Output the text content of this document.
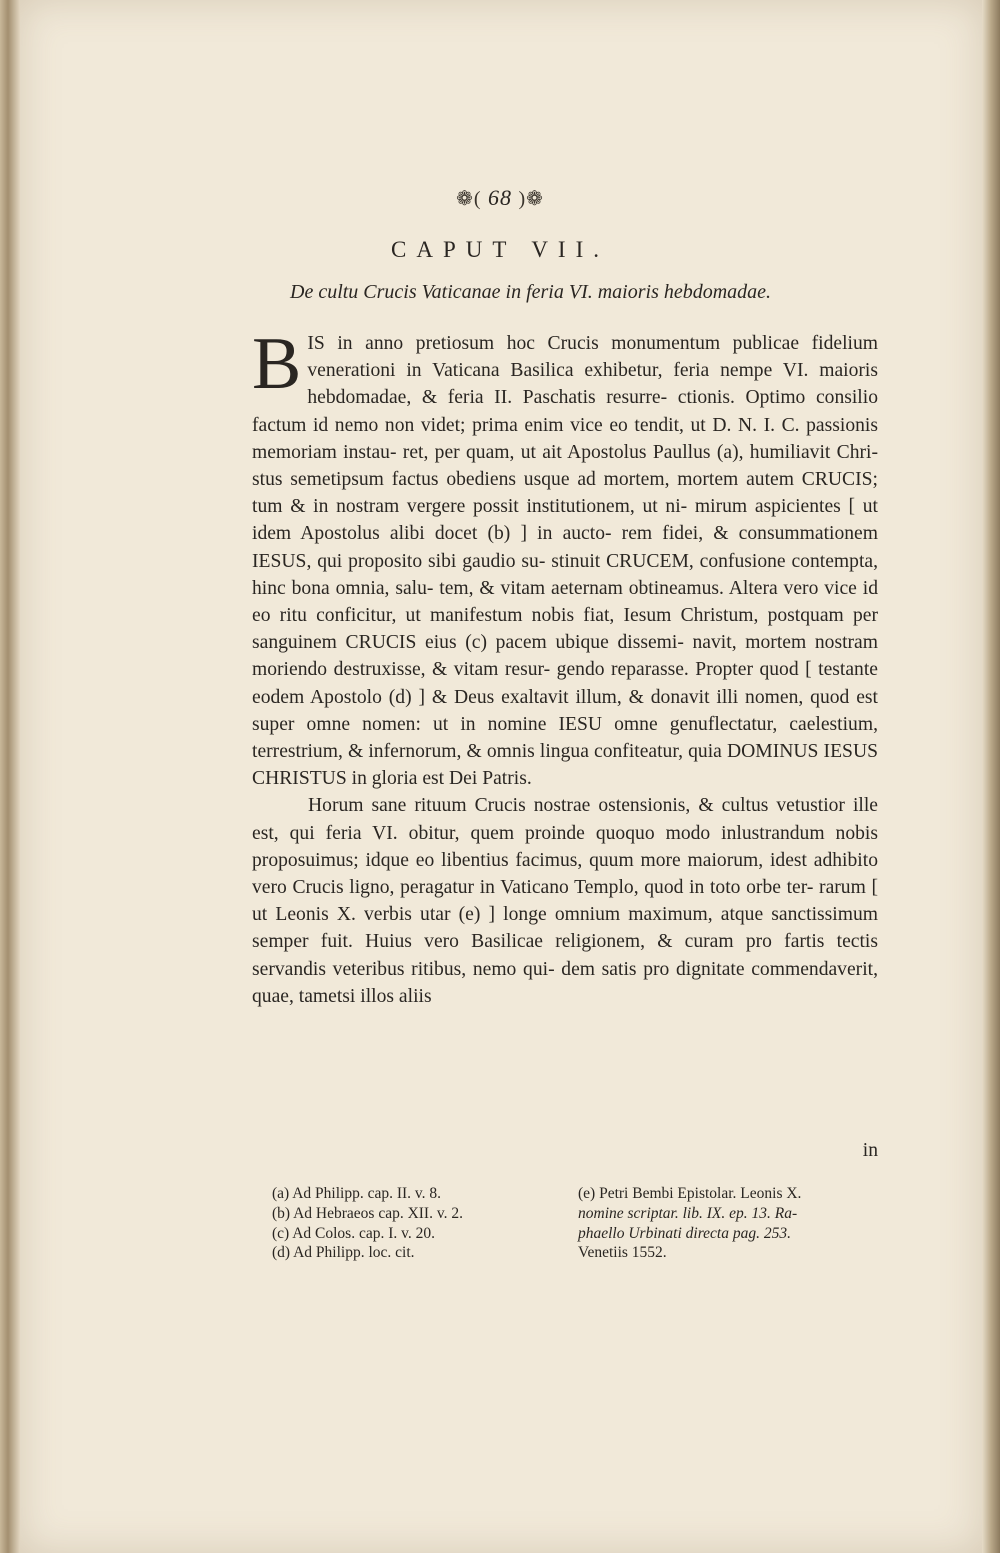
❁( 68 )❁
CAPUT VII.
De cultu Crucis Vaticanae in feria VI. maioris hebdomadae.

BIS in anno pretiosum hoc Crucis monumentum publicae fidelium venerationi in Vaticana Basilica exhibetur, feria nempe VI. maioris hebdomadae, & feria II. Paschatis resurre- ctionis. Optimo consilio factum id nemo non videt; prima enim vice eo tendit, ut D. N. I. C. passionis memoriam instau- ret, per quam, ut ait Apostolus Paullus (a), humiliavit Chri- stus semetipsum factus obediens usque ad mortem, mortem autem CRUCIS; tum & in nostram vergere possit institutionem, ut ni- mirum aspicientes [ ut idem Apostolus alibi docet (b) ] in aucto- rem fidei, & consummationem IESUS, qui proposito sibi gaudio su- stinuit CRUCEM, confusione contempta, hinc bona omnia, salu- tem, & vitam aeternam obtineamus. Altera vero vice id eo ritu conficitur, ut manifestum nobis fiat, Iesum Christum, postquam per sanguinem CRUCIS eius (c) pacem ubique dissemi- navit, mortem nostram moriendo destruxisse, & vitam resur- gendo reparasse. Propter quod [ testante eodem Apostolo (d) ] & Deus exaltavit illum, & donavit illi nomen, quod est super omne nomen: ut in nomine IESU omne genuflectatur, caelestium, terrestrium, & infernorum, & omnis lingua confiteatur, quia DOMINUS IESUS CHRISTUS in gloria est Dei Patris.

Horum sane rituum Crucis nostrae ostensionis, & cultus vetustior ille est, qui feria VI. obitur, quem proinde quoquo modo inlustrandum nobis proposuimus; idque eo libentius facimus, quum more maiorum, idest adhibito vero Crucis ligno, peragatur in Vaticano Templo, quod in toto orbe ter- rarum [ ut Leonis X. verbis utar (e) ] longe omnium maximum, atque sanctissimum semper fuit. Huius vero Basilicae religionem, & curam pro fartis tectis servandis veteribus ritibus, nemo qui- dem satis pro dignitate commendaverit, quae, tametsi illos aliis

in
(a) Ad Philipp. cap. II. v. 8.
(b) Ad Hebraeos cap. XII. v. 2.
(c) Ad Colos. cap. I. v. 20.
(d) Ad Philipp. loc. cit.
(e) Petri Bembi Epistolar. Leonis X.
nomine scriptar. lib. IX. ep. 13. Ra-
phaello Urbinati directa pag. 253.
Venetiis 1552.
